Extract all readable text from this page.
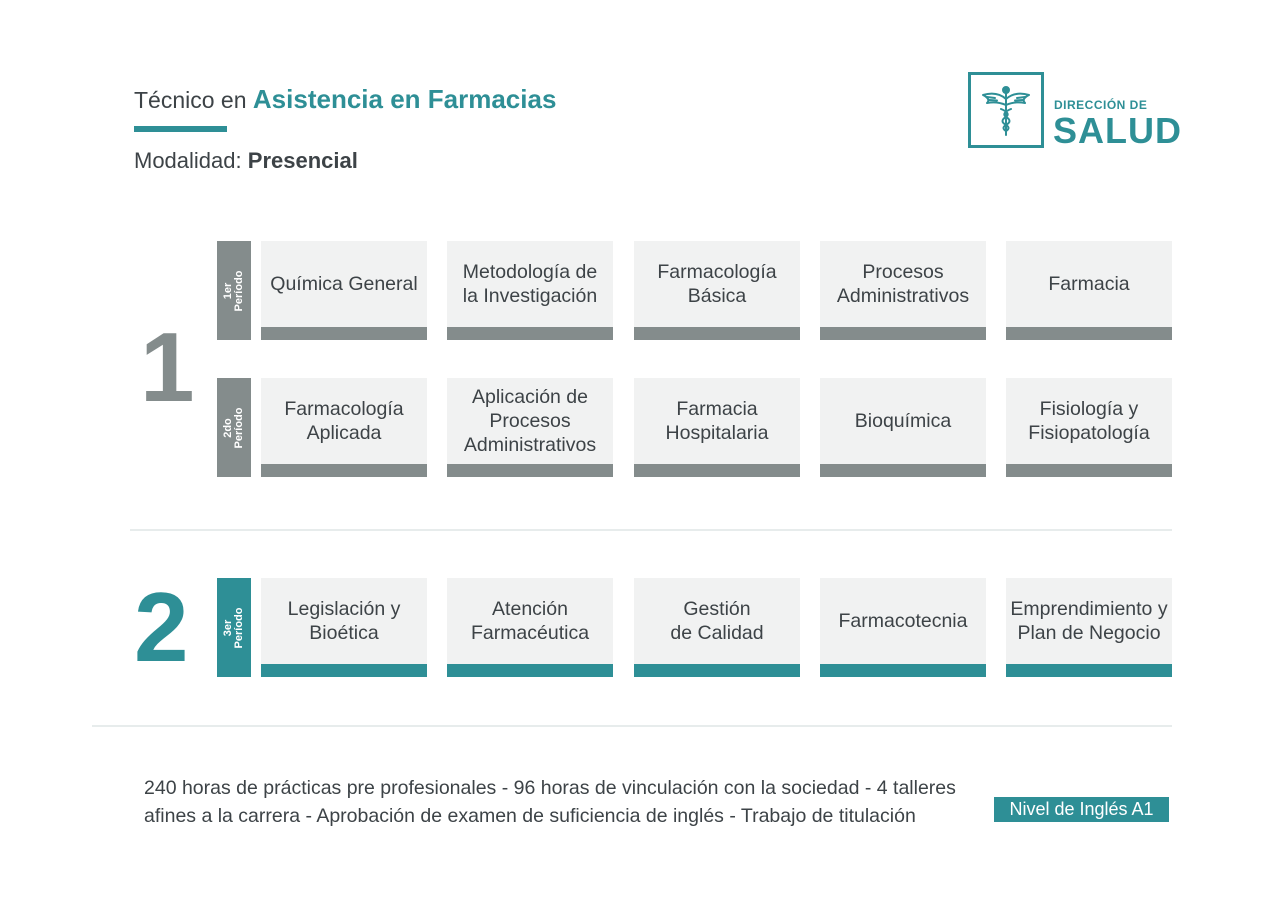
Técnico en Asistencia en Farmacias
Modalidad: Presencial
DIRECCIÓN DE
SALUD
1
2
1er Período
2do Período
3er Período
Química General
Metodología de
la Investigación
Farmacología
Básica
Procesos
Administrativos
Farmacia
Farmacología
Aplicada
Aplicación de
Procesos
Administrativos
Farmacia
Hospitalaria
Bioquímica
Fisiología y
Fisiopatología
Legislación y
Bioética
Atención
Farmacéutica
Gestión
de Calidad
Farmacotecnia
Emprendimiento y
Plan de Negocio
240 horas de prácticas pre profesionales - 96 horas de vinculación con la sociedad - 4 talleres afines a la carrera - Aprobación de examen de suficiencia de inglés - Trabajo de titulación	Nivel de Inglés A1
